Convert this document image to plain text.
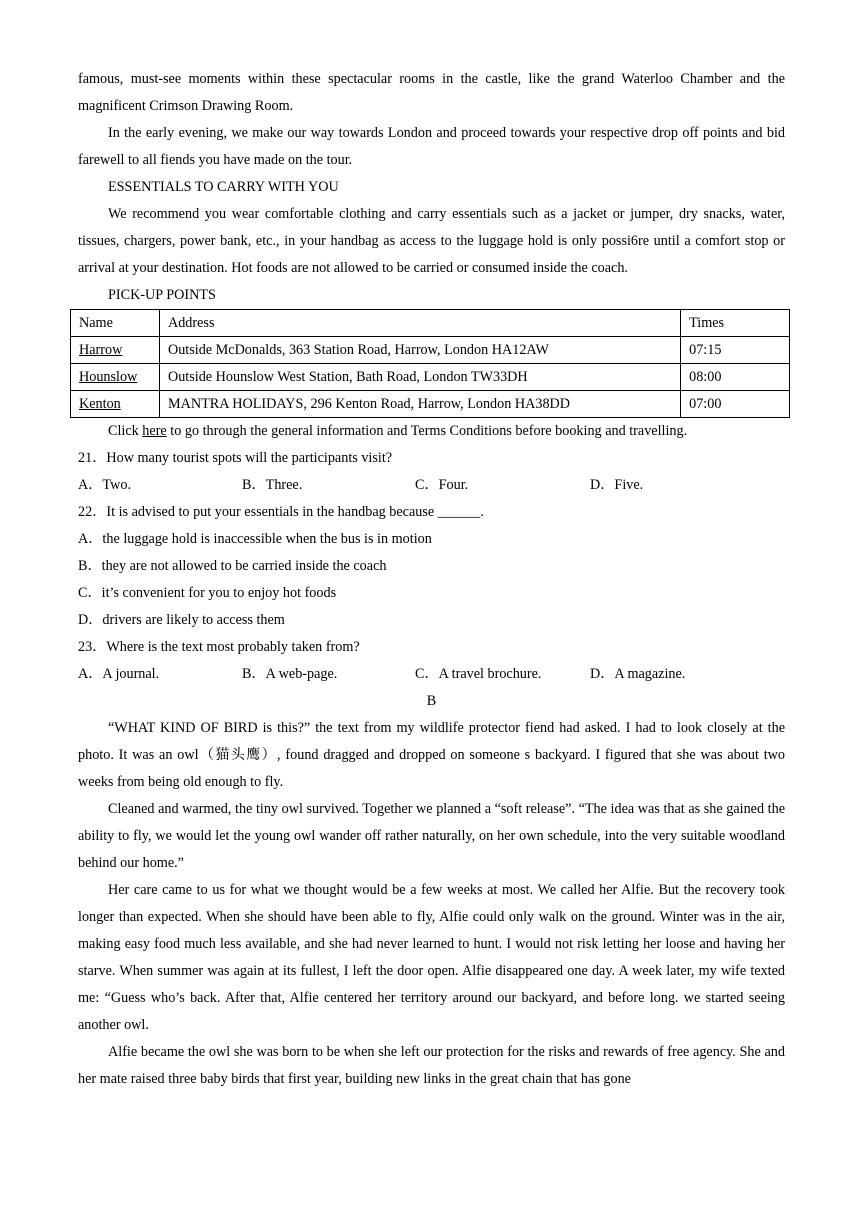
famous, must-see moments within these spectacular rooms in the castle, like the grand Waterloo Chamber and the magnificent Crimson Drawing Room.

In the early evening, we make our way towards London and proceed towards your respective drop off points and bid farewell to all fiends you have made on the tour.

ESSENTIALS TO CARRY WITH YOU

We recommend you wear comfortable clothing and carry essentials such as a jacket or jumper, dry snacks, water, tissues, chargers, power bank, etc., in your handbag as access to the luggage hold is only possi6re until a comfort stop or arrival at your destination. Hot foods are not allowed to be carried or consumed inside the coach.

PICK-UP POINTS

Name	Address	Times
Harrow	Outside McDonalds, 363 Station Road, Harrow, London HA12AW	07:15
Hounslow	Outside Hounslow West Station, Bath Road, London TW33DH	08:00
Kenton	MANTRA HOLIDAYS, 296 Kenton Road, Harrow, London HA38DD	07:00

Click here to go through the general information and Terms Conditions before booking and travelling.

21．How many tourist spots will the participants visit?

A．Two.	B．Three.	C．Four.	D．Five.

22．It is advised to put your essentials in the handbag because ______.

A．the luggage hold is inaccessible when the bus is in motion

B．they are not allowed to be carried inside the coach

C．it’s convenient for you to enjoy hot foods

D．drivers are likely to access them

23．Where is the text most probably taken from?

A．A journal.	B．A web-page.	C．A travel brochure.	D．A magazine.
B

“WHAT KIND OF BIRD is this?” the text from my wildlife protector fiend had asked. I had to look closely at the photo. It was an owl（猫头鹰）, found dragged and dropped on someone s backyard. I figured that she was about two weeks from being old enough to fly.

Cleaned and warmed, the tiny owl survived. Together we planned a “soft release”. “The idea was that as she gained the ability to fly, we would let the young owl wander off rather naturally, on her own schedule, into the very suitable woodland behind our home.”

Her care came to us for what we thought would be a few weeks at most. We called her Alfie. But the recovery took longer than expected. When she should have been able to fly, Alfie could only walk on the ground. Winter was in the air, making easy food much less available, and she had never learned to hunt. I would not risk letting her loose and having her starve. When summer was again at its fullest, I left the door open. Alfie disappeared one day. A week later, my wife texted me: “Guess who’s back. After that, Alfie centered her territory around our backyard, and before long. we started seeing another owl.

Alfie became the owl she was born to be when she left our protection for the risks and rewards of free agency. She and her mate raised three baby birds that first year, building new links in the great chain that has gone
